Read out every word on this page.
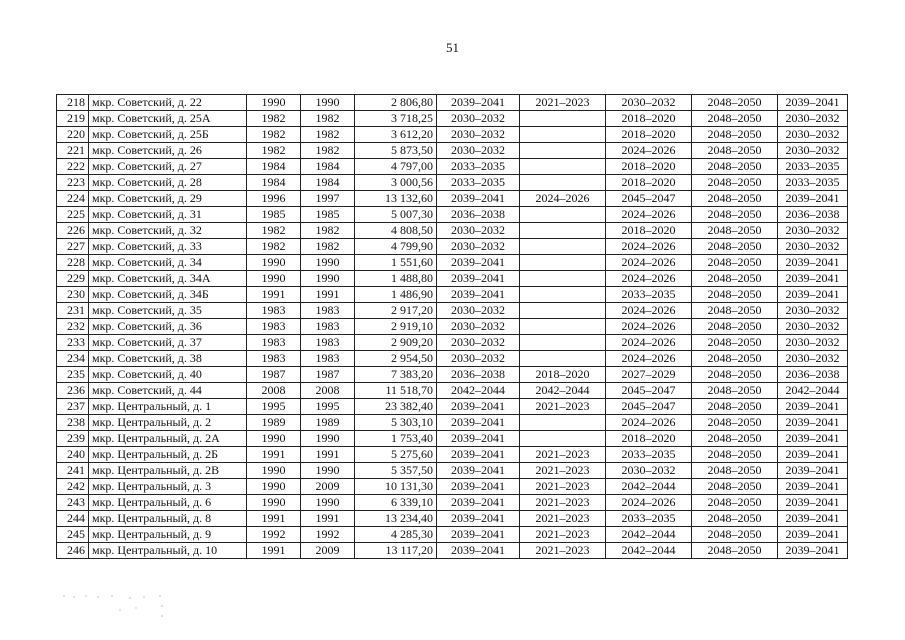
51
218	мкр. Советский, д. 22	1990	1990	2 806,80	2039–2041	2021–2023	2030–2032	2048–2050	2039–2041
219	мкр. Советский, д. 25А	1982	1982	3 718,25	2030–2032		2018–2020	2048–2050	2030–2032
220	мкр. Советский, д. 25Б	1982	1982	3 612,20	2030–2032		2018–2020	2048–2050	2030–2032
221	мкр. Советский, д. 26	1982	1982	5 873,50	2030–2032		2024–2026	2048–2050	2030–2032
222	мкр. Советский, д. 27	1984	1984	4 797,00	2033–2035		2018–2020	2048–2050	2033–2035
223	мкр. Советский, д. 28	1984	1984	3 000,56	2033–2035		2018–2020	2048–2050	2033–2035
224	мкр. Советский, д. 29	1996	1997	13 132,60	2039–2041	2024–2026	2045–2047	2048–2050	2039–2041
225	мкр. Советский, д. 31	1985	1985	5 007,30	2036–2038		2024–2026	2048–2050	2036–2038
226	мкр. Советский, д. 32	1982	1982	4 808,50	2030–2032		2018–2020	2048–2050	2030–2032
227	мкр. Советский, д. 33	1982	1982	4 799,90	2030–2032		2024–2026	2048–2050	2030–2032
228	мкр. Советский, д. 34	1990	1990	1 551,60	2039–2041		2024–2026	2048–2050	2039–2041
229	мкр. Советский, д. 34А	1990	1990	1 488,80	2039–2041		2024–2026	2048–2050	2039–2041
230	мкр. Советский, д. 34Б	1991	1991	1 486,90	2039–2041		2033–2035	2048–2050	2039–2041
231	мкр. Советский, д. 35	1983	1983	2 917,20	2030–2032		2024–2026	2048–2050	2030–2032
232	мкр. Советский, д. 36	1983	1983	2 919,10	2030–2032		2024–2026	2048–2050	2030–2032
233	мкр. Советский, д. 37	1983	1983	2 909,20	2030–2032		2024–2026	2048–2050	2030–2032
234	мкр. Советский, д. 38	1983	1983	2 954,50	2030–2032		2024–2026	2048–2050	2030–2032
235	мкр. Советский, д. 40	1987	1987	7 383,20	2036–2038	2018–2020	2027–2029	2048–2050	2036–2038
236	мкр. Советский, д. 44	2008	2008	11 518,70	2042–2044	2042–2044	2045–2047	2048–2050	2042–2044
237	мкр. Центральный, д. 1	1995	1995	23 382,40	2039–2041	2021–2023	2045–2047	2048–2050	2039–2041
238	мкр. Центральный, д. 2	1989	1989	5 303,10	2039–2041		2024–2026	2048–2050	2039–2041
239	мкр. Центральный, д. 2А	1990	1990	1 753,40	2039–2041		2018–2020	2048–2050	2039–2041
240	мкр. Центральный, д. 2Б	1991	1991	5 275,60	2039–2041	2021–2023	2033–2035	2048–2050	2039–2041
241	мкр. Центральный, д. 2В	1990	1990	5 357,50	2039–2041	2021–2023	2030–2032	2048–2050	2039–2041
242	мкр. Центральный, д. 3	1990	2009	10 131,30	2039–2041	2021–2023	2042–2044	2048–2050	2039–2041
243	мкр. Центральный, д. 6	1990	1990	6 339,10	2039–2041	2021–2023	2024–2026	2048–2050	2039–2041
244	мкр. Центральный, д. 8	1991	1991	13 234,40	2039–2041	2021–2023	2033–2035	2048–2050	2039–2041
245	мкр. Центральный, д. 9	1992	1992	4 285,30	2039–2041	2021–2023	2042–2044	2048–2050	2039–2041
246	мкр. Центральный, д. 10	1991	2009	13 117,20	2039–2041	2021–2023	2042–2044	2048–2050	2039–2041
